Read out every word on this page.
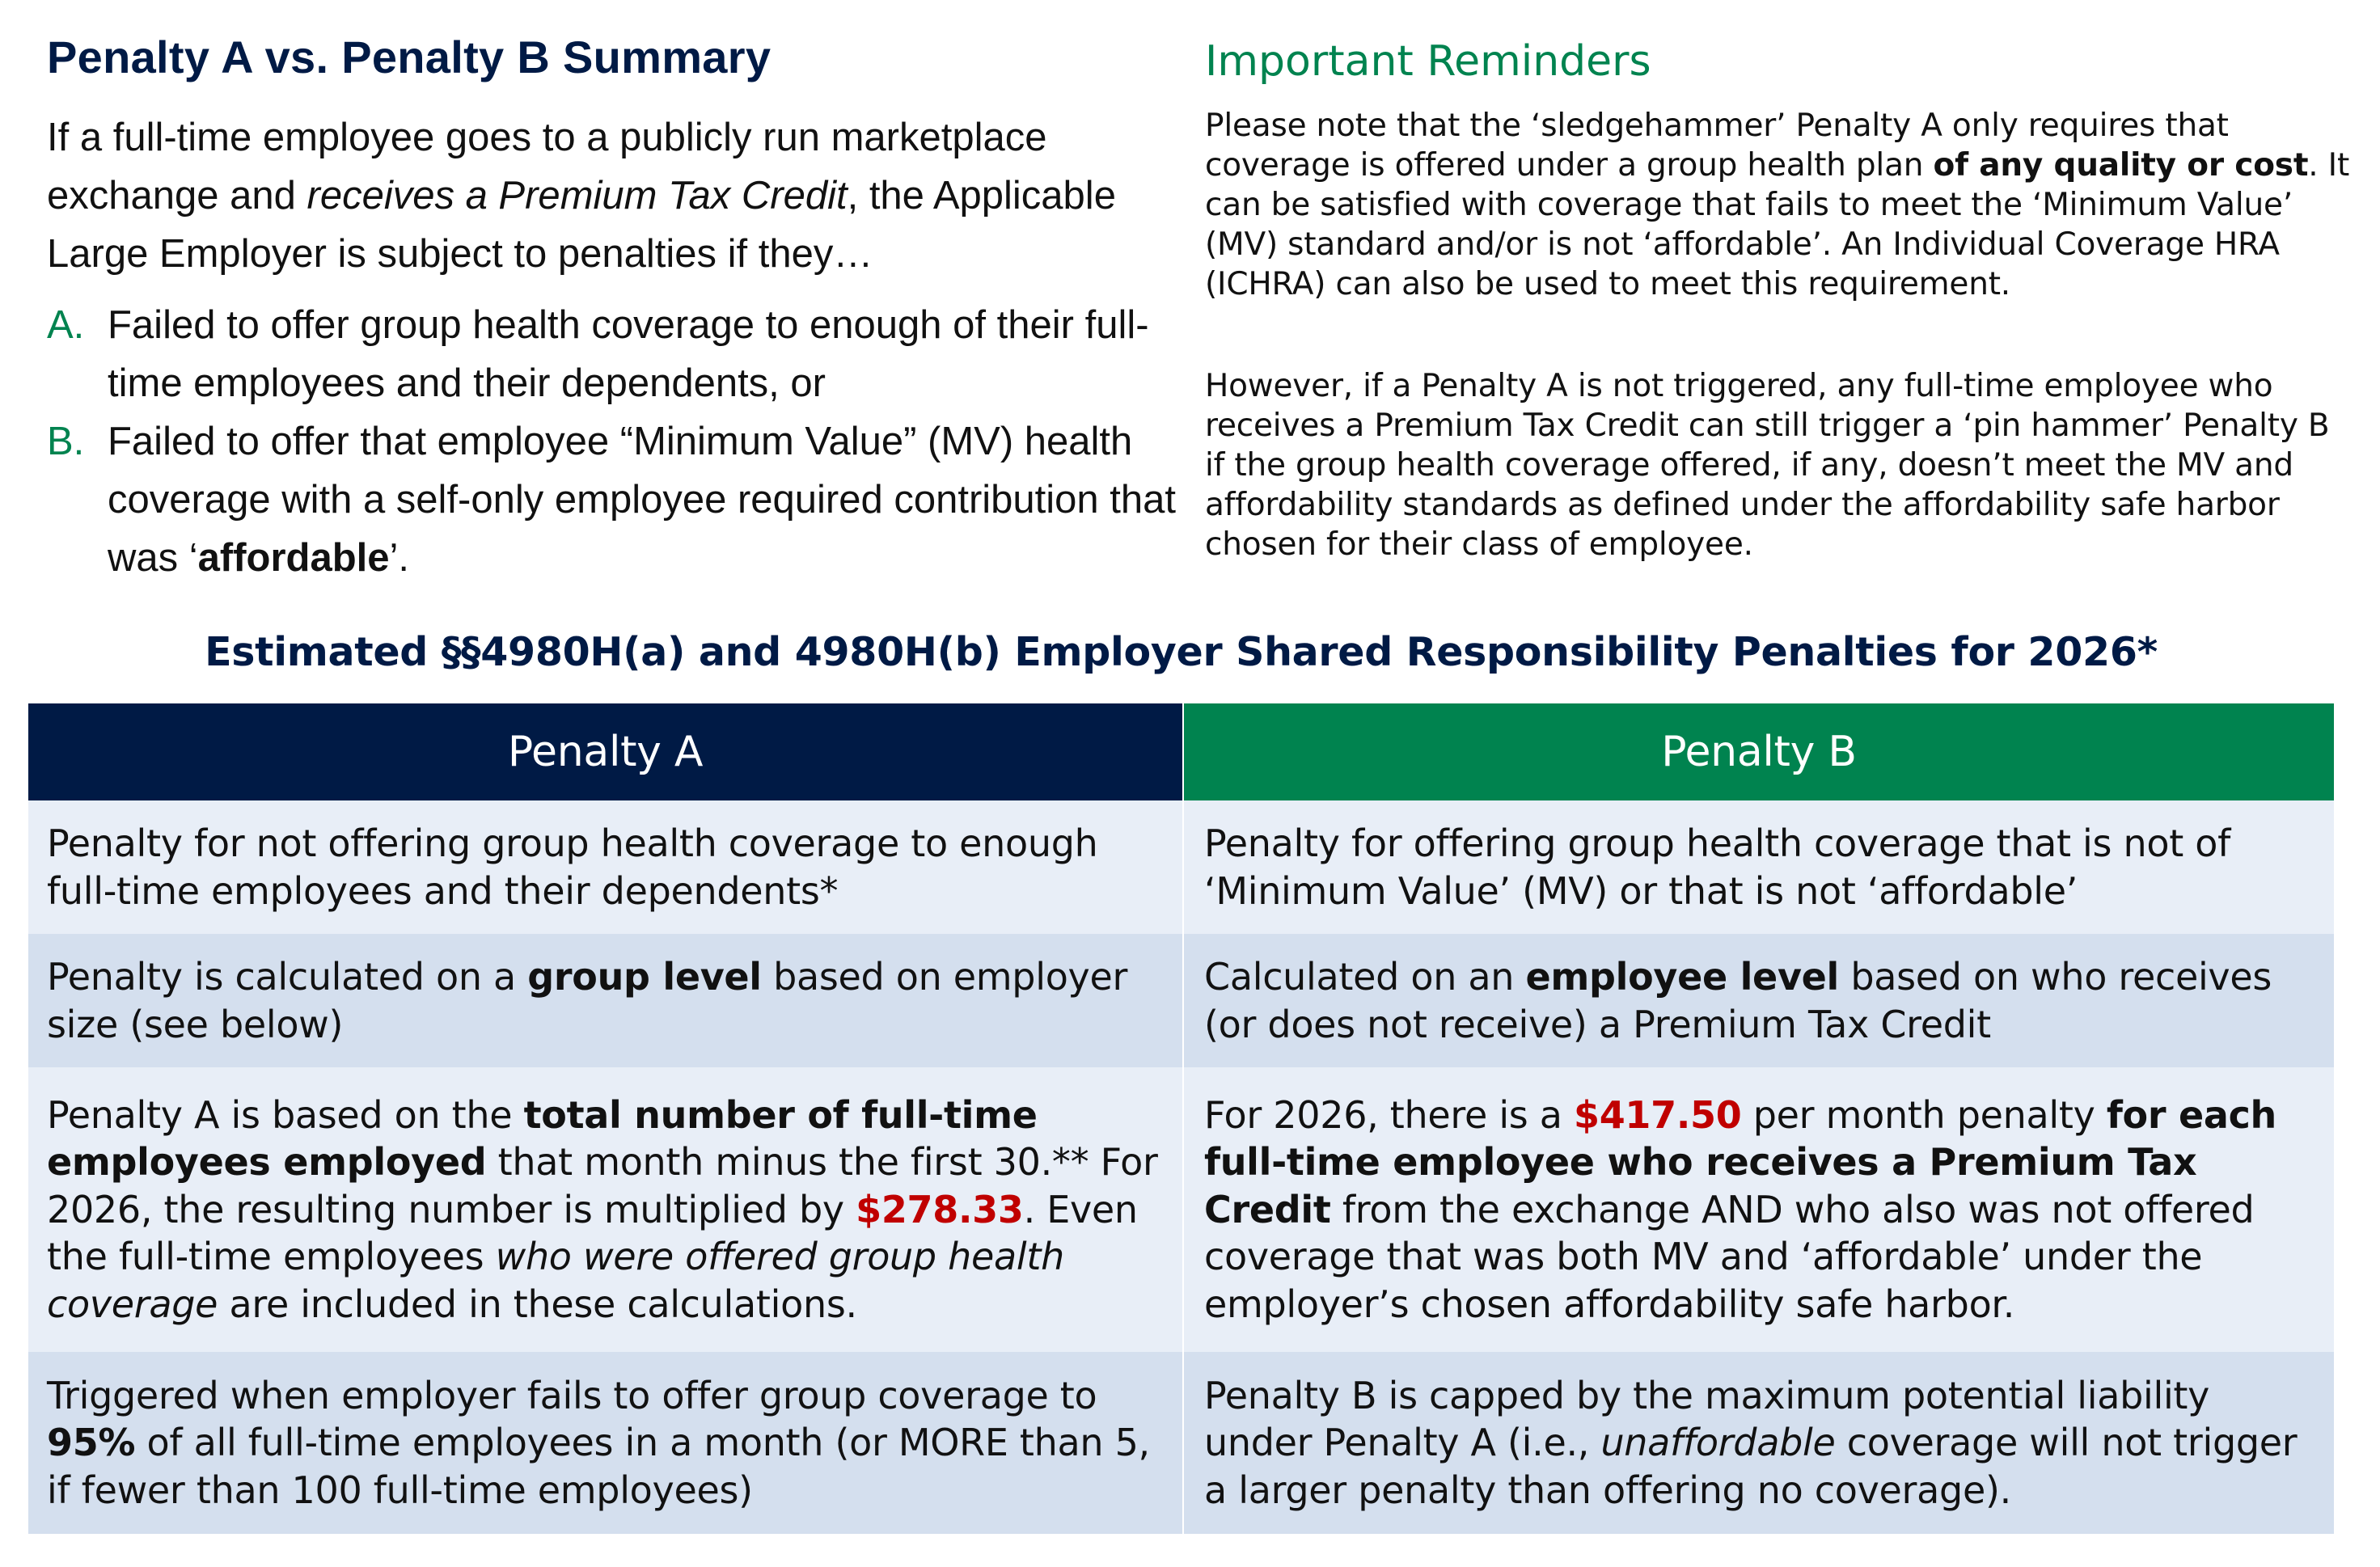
Penalty A vs. Penalty B Summary

If a full-time employee goes to a publicly run marketplace exchange and receives a Premium Tax Credit, the Applicable Large Employer is subject to penalties if they…

A. Failed to offer group health coverage to enough of their full-time employees and their dependents, or
B. Failed to offer that employee “Minimum Value” (MV) health coverage with a self-only employee required contribution that was ‘affordable’.
Important Reminders

Please note that the ‘sledgehammer’ Penalty A only requires that coverage is offered under a group health plan of any quality or cost. It can be satisfied with coverage that fails to meet the ‘Minimum Value’ (MV) standard and/or is not ‘affordable’. An Individual Coverage HRA (ICHRA) can also be used to meet this requirement.

However, if a Penalty A is not triggered, any full-time employee who receives a Premium Tax Credit can still trigger a ‘pin hammer’ Penalty B if the group health coverage offered, if any, doesn’t meet the MV and affordability standards as defined under the affordability safe harbor chosen for their class of employee.

Estimated §§4980H(a) and 4980H(b) Employer Shared Responsibility Penalties for 2026*
Penalty A	Penalty B
Penalty for not offering group health coverage to enough full-time employees and their dependents*
Penalty for offering group health coverage that is not of ‘Minimum Value’ (MV) or that is not ‘affordable’
Penalty is calculated on a group level based on employer size (see below)
Calculated on an employee level based on who receives (or does not receive) a Premium Tax Credit
Penalty A is based on the total number of full-time employees employed that month minus the first 30.** For 2026, the resulting number is multiplied by $278.33. Even the full-time employees who were offered group health coverage are included in these calculations.
For 2026, there is a $417.50 per month penalty for each full-time employee who receives a Premium Tax Credit from the exchange AND who also was not offered coverage that was both MV and ‘affordable’ under the employer’s chosen affordability safe harbor.
Triggered when employer fails to offer group coverage to 95% of all full-time employees in a month (or MORE than 5, if fewer than 100 full-time employees)
Penalty B is capped by the maximum potential liability under Penalty A (i.e., unaffordable coverage will not trigger a larger penalty than offering no coverage).
